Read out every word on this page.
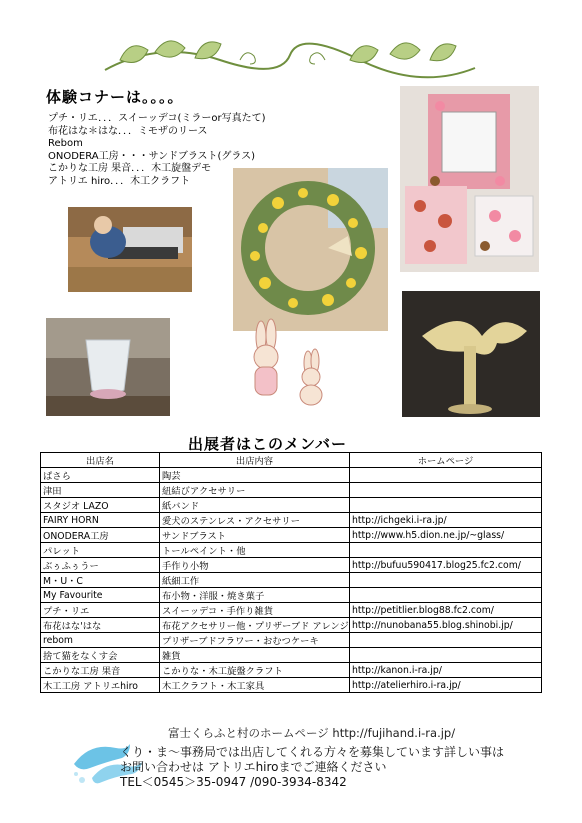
体験コナーは。。。。
プチ・リエ．．．スイーッデコ(ミラーor写真たて)
布花はな＊はな．．．ミモザのリース
Rebom
ONODERA工房・・・サンドブラスト(グラス)
こかりな工房 果音．．．木工旋盤デモ
アトリエ hiro．．．木工クラフト
出展者はこのメンバー
出店名	出店内容	ホームページ
ぱさら	陶芸	
津田	紐結びアクセサリー	
スタジオ LAZO	紙バンド	
FAIRY HORN	愛犬のステンレス・アクセサリー	http://ichgeki.i-ra.jp/
ONODERA工房	サンドブラスト	http://www.h5.dion.ne.jp/~glass/
パレット	トールペイント・他	
ぶぅふぅうー	手作り小物	http://bufuu590417.blog25.fc2.com/
M・U・C	紙細工作	
My Favourite	布小物・洋服・焼き菓子	
プチ・リエ	スイーッデコ・手作り雑貨	http://petitlier.blog88.fc2.com/
布花はな'はな	布花アクセサリー他・プリザーブド アレンジ	http://nunobana55.blog.shinobi.jp/
rebom	プリザーブドフラワー・おむつケーキ	
捨て猫をなくす会	雑貨	
こかりな工房 果音	こかりな・木工旋盤クラフト	http://kanon.i-ra.jp/
木工工房 アトリエhiro	木工クラフト・木工家具	http://atelierhiro.i-ra.jp/
富士くらふと村のホームページ http://fujihand.i-ra.jp/
くり・ま～事務局では出店してくれる方々を募集しています詳しい事は
お問い合わせは アトリエhiroまでご連絡ください
TEL＜0545＞35-0947 /090-3934-8342
